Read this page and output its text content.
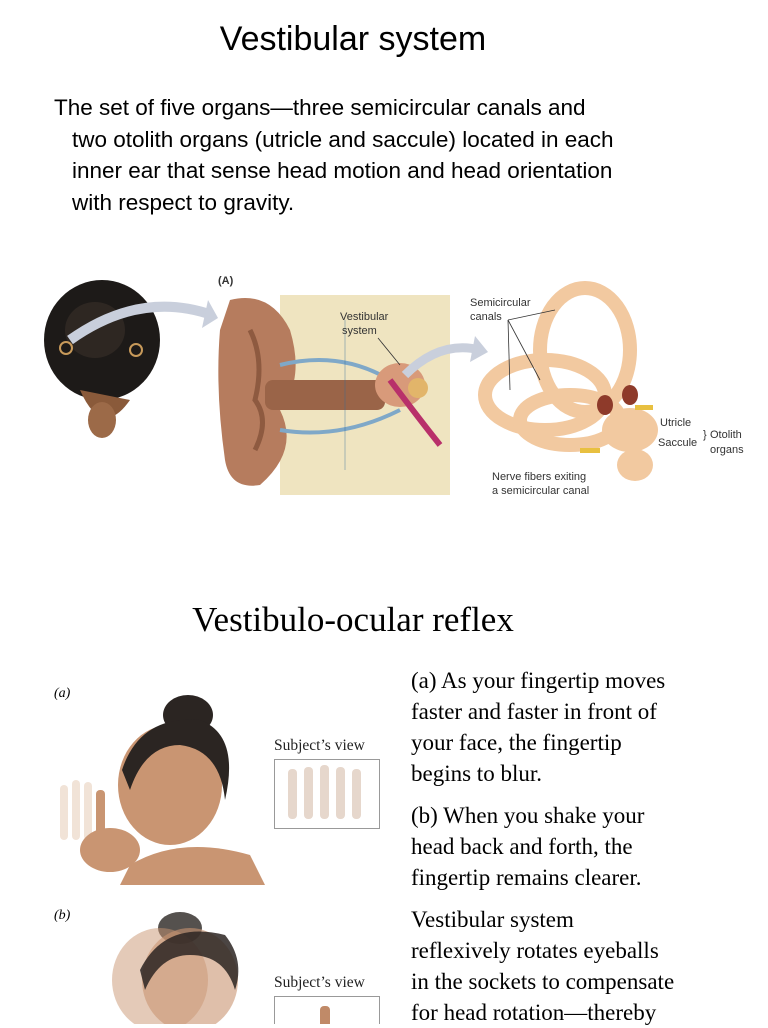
Vestibular system
The set of five organs—three semicircular canals and
two otolith organs (utricle and saccule) located in each
inner ear that sense head motion and head orientation
with respect to gravity.
(A)
Vestibular
system
Semicircular
canals
Utricle
Saccule
Otolith
organs
}
Nerve fibers exiting
a semicircular canal
Vestibulo-ocular reflex
(a)
Subject’s view
(b)
Subject’s view
(a) As your fingertip moves
faster and faster in front of
your face, the fingertip
begins to blur.
(b) When you shake your
head back and forth, the
fingertip remains clearer.
Vestibular system
reflexively rotates eyeballs
in the sockets to compensate
for head rotation—thereby
